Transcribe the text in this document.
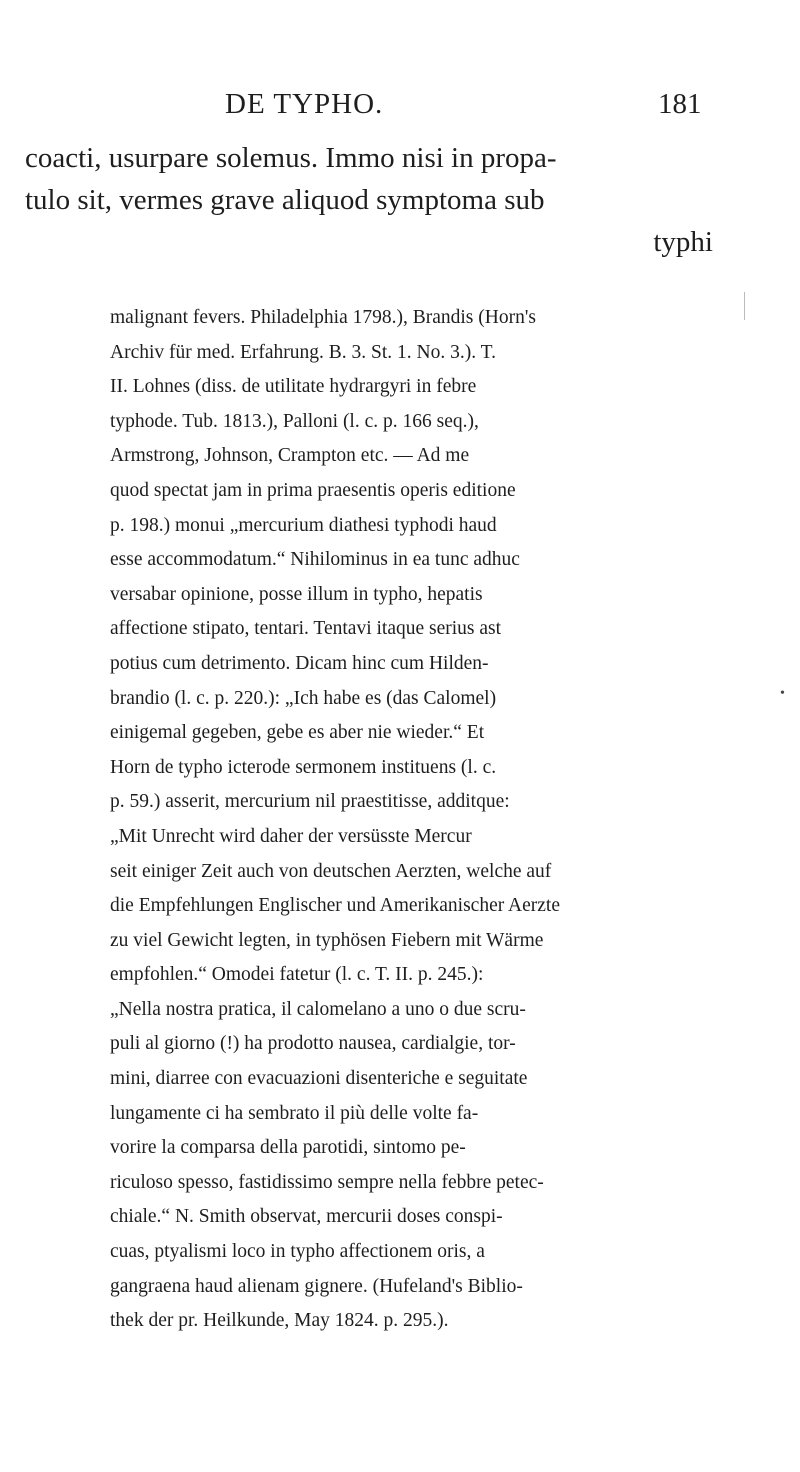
DE TYPHO.	181
coacti, usurpare solemus. Immo nisi in propa-
tulo sit, vermes grave aliquod symptoma sub
typhi
malignant fevers. Philadelphia 1798.), Brandis (Horn's
Archiv für med. Erfahrung. B. 3. St. 1. No. 3.). T.
II. Lohnes (diss. de utilitate hydrargyri in febre
typhode. Tub. 1813.), Palloni (l. c. p. 166 seq.),
Armstrong, Johnson, Crampton etc. — Ad me
quod spectat jam in prima praesentis operis editione
p. 198.) monui „mercurium diathesi typhodi haud
esse accommodatum.“ Nihilominus in ea tunc adhuc
versabar opinione, posse illum in typho, hepatis
affectione stipato, tentari. Tentavi itaque serius ast
potius cum detrimento. Dicam hinc cum Hilden-
brandio (l. c. p. 220.): „Ich habe es (das Calomel)
einigemal gegeben, gebe es aber nie wieder.“ Et
Horn de typho icterode sermonem instituens (l. c.
p. 59.) asserit, mercurium nil praestitisse, additque:
„Mit Unrecht wird daher der versüsste Mercur
seit einiger Zeit auch von deutschen Aerzten, welche auf
die Empfehlungen Englischer und Amerikanischer Aerzte
zu viel Gewicht legten, in typhösen Fiebern mit Wärme
empfohlen.“ Omodei fatetur (l. c. T. II. p. 245.):
„Nella nostra pratica, il calomelano a uno o due scru-
puli al giorno (!) ha prodotto nausea, cardialgie, tor-
mini, diarree con evacuazioni disenteriche e seguitate
lungamente ci ha sembrato il più delle volte fa-
vorire la comparsa della parotidi, sintomo pe-
riculoso spesso, fastidissimo sempre nella febbre petec-
chiale.“ N. Smith observat, mercurii doses conspi-
cuas, ptyalismi loco in typho affectionem oris, a
gangraena haud alienam gignere. (Hufeland's Biblio-
thek der pr. Heilkunde, May 1824. p. 295.).
•
